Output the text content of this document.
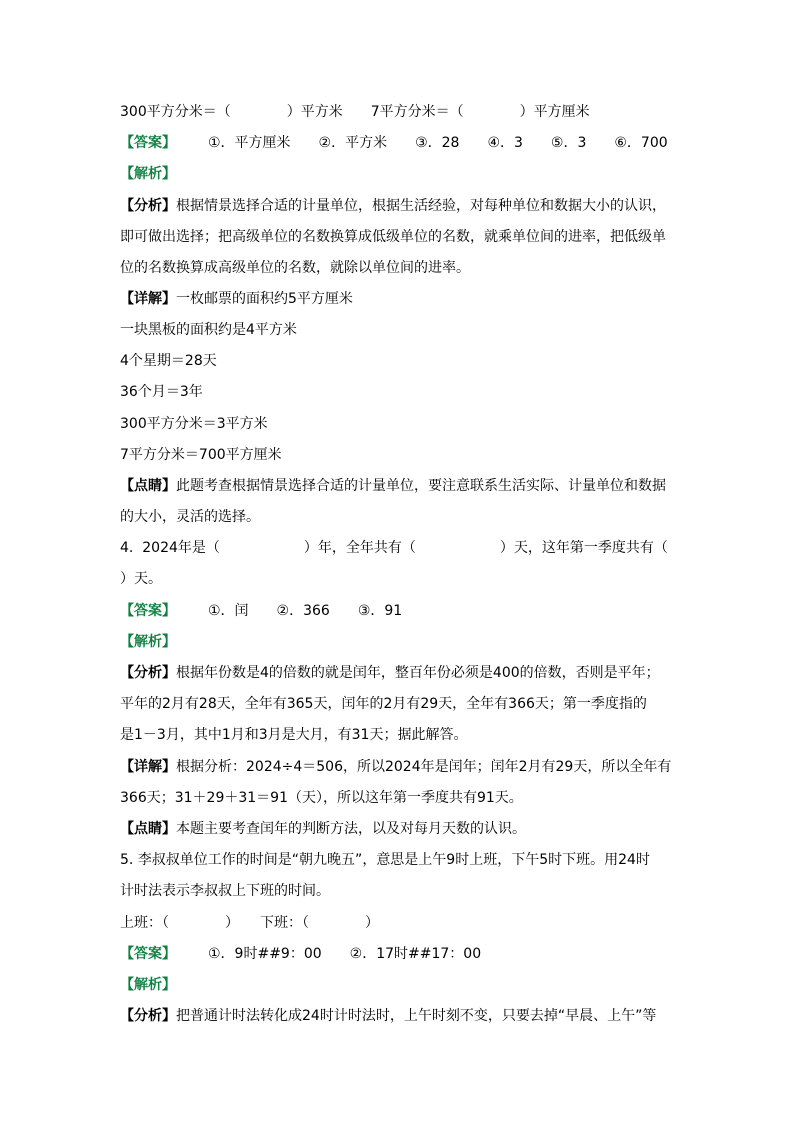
300平方分米＝（　　　　）平方米　　7平方分米＝（　　　　）平方厘米
【答案】 ①．平方厘米　　②．平方米　　③．28　　④．3　　⑤．3　　⑥．700
【解析】
【分析】根据情景选择合适的计量单位，根据生活经验，对每种单位和数据大小的认识，
即可做出选择；把高级单位的名数换算成低级单位的名数，就乘单位间的进率，把低级单
位的名数换算成高级单位的名数，就除以单位间的进率。
【详解】一枚邮票的面积约5平方厘米
一块黑板的面积约是4平方米
4个星期＝28天
36个月＝3年
300平方分米＝3平方米
7平方分米＝700平方厘米
【点睛】此题考查根据情景选择合适的计量单位，要注意联系生活实际、计量单位和数据
的大小，灵活的选择。
4.  2024年是（　　　　　　）年，全年共有（　　　　　　）天，这年第一季度共有（
）天。
【答案】 ①．闰　　②．366　　③．91
【解析】
【分析】根据年份数是4的倍数的就是闰年，整百年份必须是400的倍数，否则是平年；
平年的2月有28天，全年有365天，闰年的2月有29天，全年有366天；第一季度指的
是1－3月，其中1月和3月是大月，有31天；据此解答。
【详解】根据分析：2024÷4＝506，所以2024年是闰年；闰年2月有29天，所以全年有
366天；31＋29＋31＝91（天），所以这年第一季度共有91天。
【点睛】本题主要考查闰年的判断方法，以及对每月天数的认识。
5. 李叔叔单位工作的时间是“朝九晚五”，意思是上午9时上班，下午5时下班。用24时
计时法表示李叔叔上下班的时间。
上班：（　　　　）　　下班：（　　　　）
【答案】 ①．9时##9：00　　②．17时##17：00
【解析】
【分析】把普通计时法转化成24时计时法时，上午时刻不变，只要去掉“早晨、上午”等
